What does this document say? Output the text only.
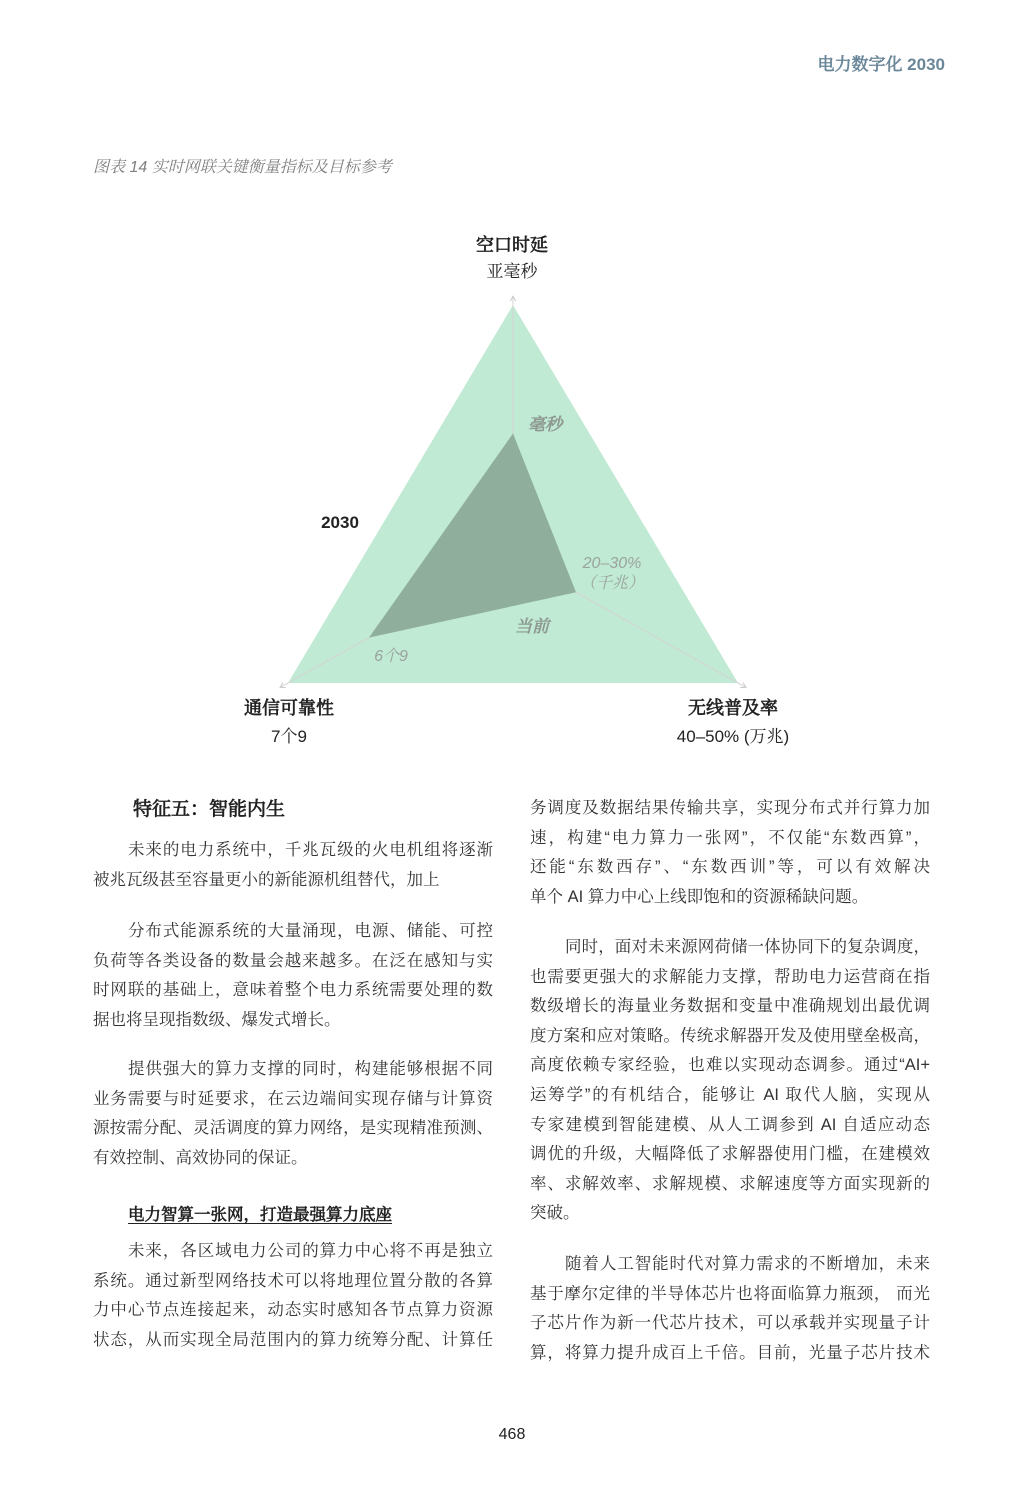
电力数字化 2030
图表 14 实时网联关键衡量指标及目标参考
空口时延
亚毫秒
通信可靠性
7个9
无线普及率
40–50% (万兆)
2030
当前
毫秒
20–30%
（千兆）
6个9
特征五：智能内生
未来的电力系统中，千兆瓦级的火电机组将逐渐
被兆瓦级甚至容量更小的新能源机组替代，加上
分布式能源系统的大量涌现，电源、储能、可控
负荷等各类设备的数量会越来越多。在泛在感知与实
时网联的基础上，意味着整个电力系统需要处理的数
据也将呈现指数级、爆发式增长。
提供强大的算力支撑的同时，构建能够根据不同
业务需要与时延要求，在云边端间实现存储与计算资
源按需分配、灵活调度的算力网络，是实现精准预测、
有效控制、高效协同的保证。
电力智算一张网，打造最强算力底座
未来，各区域电力公司的算力中心将不再是独立
系统。通过新型网络技术可以将地理位置分散的各算
力中心节点连接起来，动态实时感知各节点算力资源
状态，从而实现全局范围内的算力统筹分配、计算任
务调度及数据结果传输共享，实现分布式并行算力加
速，构建“电力算力一张网”，不仅能“东数西算”，
还能“东数西存”、“东数西训”等，可以有效解决
单个 AI 算力中心上线即饱和的资源稀缺问题。
同时，面对未来源网荷储一体协同下的复杂调度，
也需要更强大的求解能力支撑，帮助电力运营商在指
数级增长的海量业务数据和变量中准确规划出最优调
度方案和应对策略。传统求解器开发及使用壁垒极高，
高度依赖专家经验，也难以实现动态调参。通过“AI+
运筹学”的有机结合，能够让 AI 取代人脑，实现从
专家建模到智能建模、从人工调参到 AI 自适应动态
调优的升级，大幅降低了求解器使用门槛，在建模效
率、求解效率、求解规模、求解速度等方面实现新的
突破。
随着人工智能时代对算力需求的不断增加，未来
基于摩尔定律的半导体芯片也将面临算力瓶颈， 而光
子芯片作为新一代芯片技术，可以承载并实现量子计
算，将算力提升成百上千倍。目前，光量子芯片技术
468
